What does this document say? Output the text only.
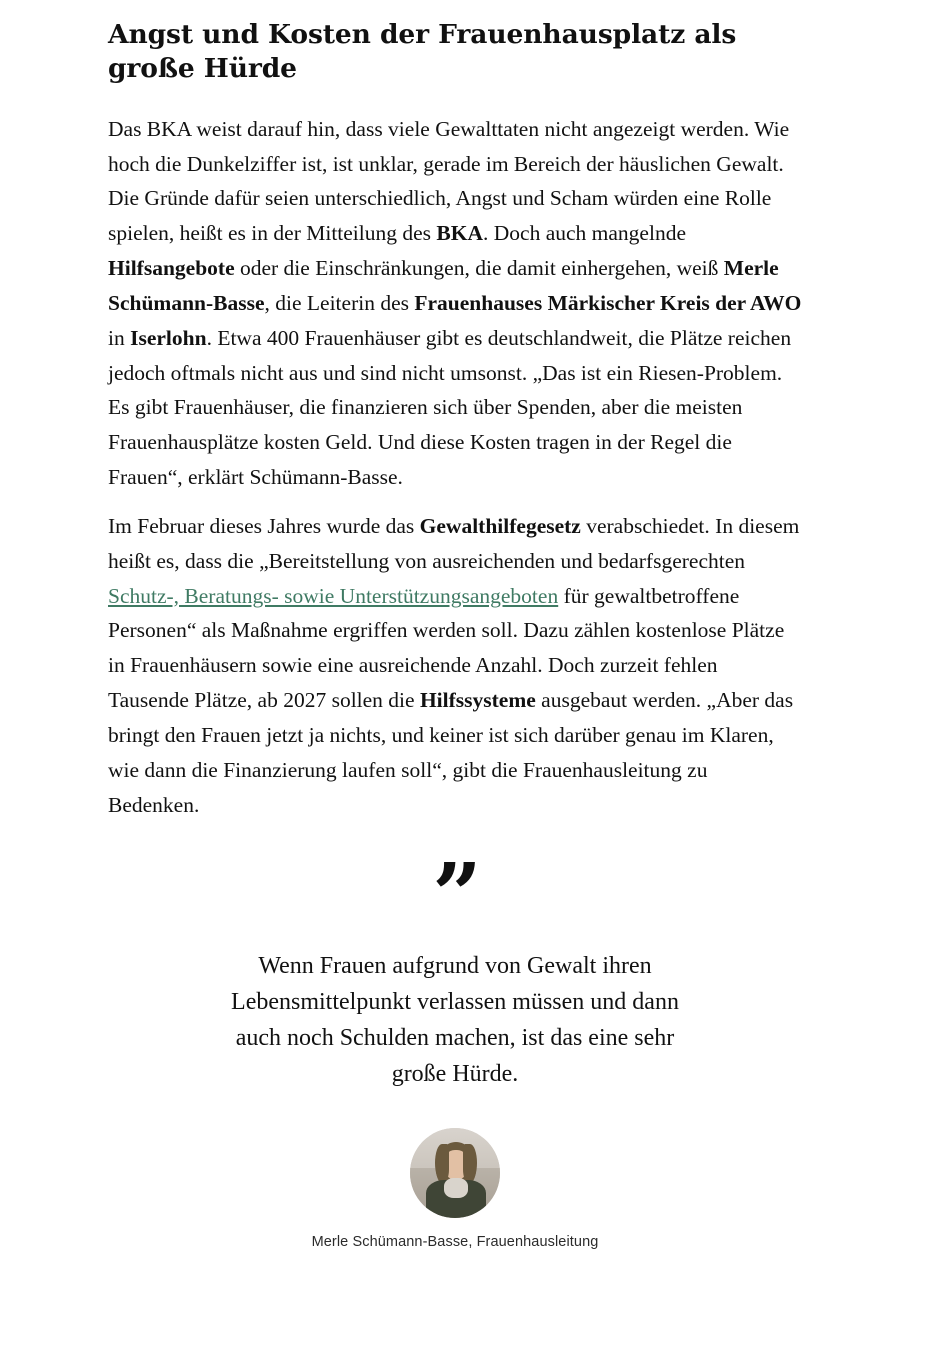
Angst und Kosten der Frauenhausplatz als große Hürde

Das BKA weist darauf hin, dass viele Gewalttaten nicht angezeigt werden. Wie hoch die Dunkelziffer ist, ist unklar, gerade im Bereich der häuslichen Gewalt. Die Gründe dafür seien unterschiedlich, Angst und Scham würden eine Rolle spielen, heißt es in der Mitteilung des BKA. Doch auch mangelnde Hilfsangebote oder die Einschränkungen, die damit einhergehen, weiß Merle Schümann-Basse, die Leiterin des Frauenhauses Märkischer Kreis der AWO in Iserlohn. Etwa 400 Frauenhäuser gibt es deutschlandweit, die Plätze reichen jedoch oftmals nicht aus und sind nicht umsonst. „Das ist ein Riesen-Problem. Es gibt Frauenhäuser, die finanzieren sich über Spenden, aber die meisten Frauenhausplätze kosten Geld. Und diese Kosten tragen in der Regel die Frauen“, erklärt Schümann-Basse.

Im Februar dieses Jahres wurde das Gewalthilfegesetz verabschiedet. In diesem heißt es, dass die „Bereitstellung von ausreichenden und bedarfsgerechten Schutz-, Beratungs- sowie Unterstützungsangeboten für gewaltbetroffene Personen“ als Maßnahme ergriffen werden soll. Dazu zählen kostenlose Plätze in Frauenhäusern sowie eine ausreichende Anzahl. Doch zurzeit fehlen Tausende Plätze, ab 2027 sollen die Hilfssysteme ausgebaut werden. „Aber das bringt den Frauen jetzt ja nichts, und keiner ist sich darüber genau im Klaren, wie dann die Finanzierung laufen soll“, gibt die Frauenhausleitung zu Bedenken.

”

Wenn Frauen aufgrund von Gewalt ihren Lebensmittelpunkt verlassen müssen und dann auch noch Schulden machen, ist das eine sehr große Hürde.

Merle Schümann-Basse, Frauenhausleitung
